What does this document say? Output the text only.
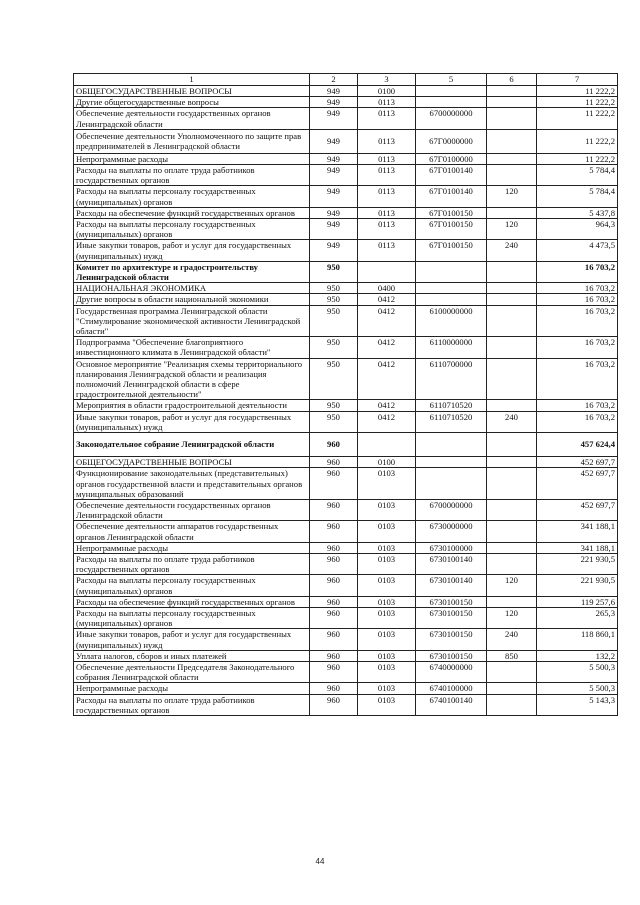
1	2	3	5	6	7
ОБЩЕГОСУДАРСТВЕННЫЕ ВОПРОСЫ	949	0100			11 222,2
Другие общегосударственные вопросы	949	0113			11 222,2
Обеспечение деятельности государственных органов Ленинградской области	949	0113	6700000000		11 222,2
Обеспечение деятельности Уполномоченного по защите прав предпринимателей в Ленинградской области	949	0113	67Г0000000		11 222,2
Непрограммные расходы	949	0113	67Г0100000		11 222,2
Расходы на выплаты по оплате труда работников государственных органов	949	0113	67Г0100140		5 784,4
Расходы на выплаты персоналу государственных (муниципальных) органов	949	0113	67Г0100140	120	5 784,4
Расходы на обеспечение функций государственных органов	949	0113	67Г0100150		5 437,8
Расходы на выплаты персоналу государственных (муниципальных) органов	949	0113	67Г0100150	120	964,3
Иные закупки товаров, работ и услуг для государственных (муниципальных) нужд	949	0113	67Г0100150	240	4 473,5
Комитет по архитектуре и градостроительству Ленинградской области	950				16 703,2
НАЦИОНАЛЬНАЯ ЭКОНОМИКА	950	0400			16 703,2
Другие вопросы в области национальной экономики	950	0412			16 703,2
Государственная программа Ленинградской области "Стимулирование экономической активности Ленинградской области"	950	0412	6100000000		16 703,2
Подпрограмма "Обеспечение благоприятного инвестиционного климата в Ленинградской области"	950	0412	6110000000		16 703,2
Основное мероприятие "Реализация схемы территориального планирования Ленинградской области и реализация полномочий Ленинградской области в сфере градостроительной деятельности"	950	0412	6110700000		16 703,2
Мероприятия в области градостроительной деятельности	950	0412	6110710520		16 703,2
Иные закупки товаров, работ и услуг для государственных (муниципальных) нужд	950	0412	6110710520	240	16 703,2
Законодательное собрание Ленинградской области	960				457 624,4
ОБЩЕГОСУДАРСТВЕННЫЕ ВОПРОСЫ	960	0100			452 697,7
Функционирование законодательных (представительных) органов государственной власти и представительных органов муниципальных образований	960	0103			452 697,7
Обеспечение деятельности государственных органов Ленинградской области	960	0103	6700000000		452 697,7
Обеспечение деятельности аппаратов государственных органов Ленинградской области	960	0103	6730000000		341 188,1
Непрограммные расходы	960	0103	6730100000		341 188,1
Расходы на выплаты по оплате труда работников государственных органов	960	0103	6730100140		221 930,5
Расходы на выплаты персоналу государственных (муниципальных) органов	960	0103	6730100140	120	221 930,5
Расходы на обеспечение функций государственных органов	960	0103	6730100150		119 257,6
Расходы на выплаты персоналу государственных (муниципальных) органов	960	0103	6730100150	120	265,3
Иные закупки товаров, работ и услуг для государственных (муниципальных) нужд	960	0103	6730100150	240	118 860,1
Уплата налогов, сборов и иных платежей	960	0103	6730100150	850	132,2
Обеспечение деятельности Председателя Законодательного собрания Ленинградской области	960	0103	6740000000		5 500,3
Непрограммные расходы	960	0103	6740100000		5 500,3
Расходы на выплаты по оплате труда работников государственных органов	960	0103	6740100140		5 143,3
44
